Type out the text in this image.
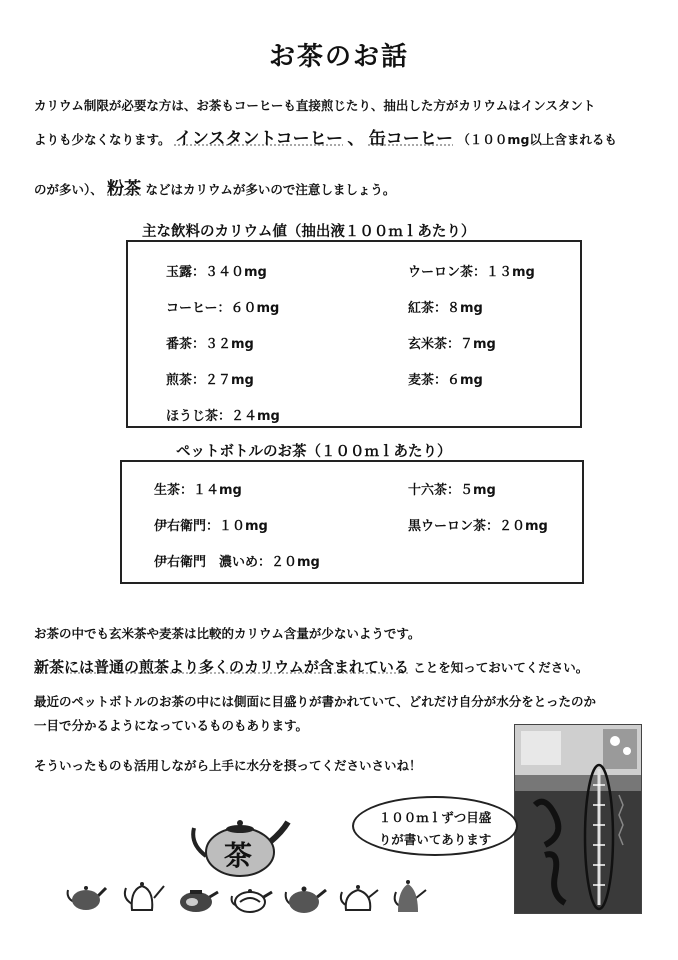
お茶のお話
カリウム制限が必要な方は、お茶もコーヒーも直接煎じたり、抽出した方がカリウムはインスタント
よりも少なくなります。 インスタントコーヒー 、 缶コーヒー （１００mg以上含まれるも
のが多い）、 粉茶 などはカリウムが多いので注意しましょう。
主な飲料のカリウム値（抽出液１００ｍｌあたり）
玉露：３４０mg
コーヒー：６０mg
番茶：３２mg
煎茶：２７mg
ほうじ茶：２４mg
ウーロン茶：１３mg
紅茶：８mg
玄米茶：７mg
麦茶：６mg
ペットボトルのお茶（１００ｍｌあたり）
生茶：１４mg
伊右衛門：１０mg
伊右衛門　濃いめ：２０mg
十六茶：５mg
黒ウーロン茶：２０mg
お茶の中でも玄米茶や麦茶は比較的カリウム含量が少ないようです。
新茶には普通の煎茶より多くのカリウムが含まれている ことを知っておいてください。
最近のペットボトルのお茶の中には側面に目盛りが書かれていて、どれだけ自分が水分をとったのか
一目で分かるようになっているものもあります。
そういったものも活用しながら上手に水分を摂ってくださいさいね！
１００ｍｌずつ目盛
りが書いてあります
茶
